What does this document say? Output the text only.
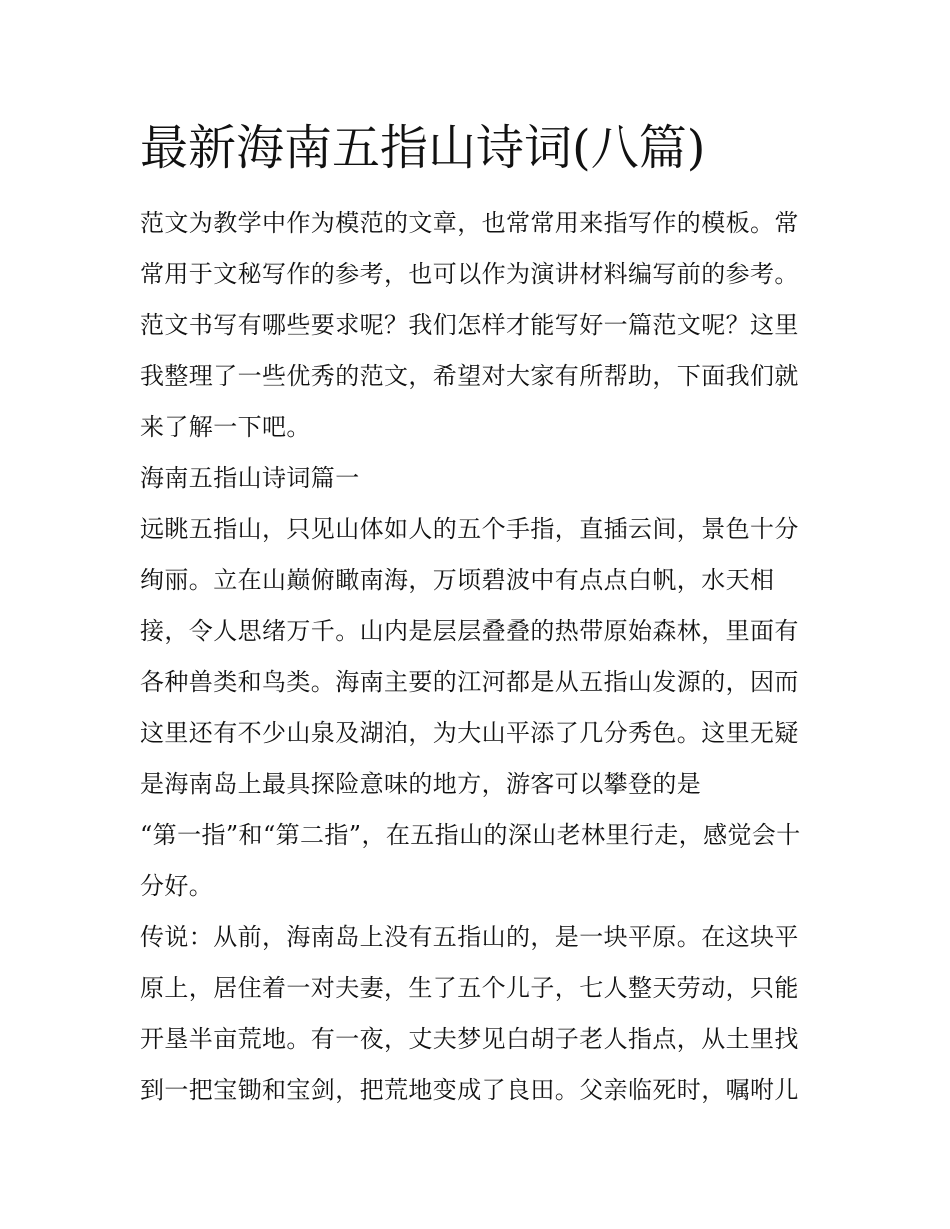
最新海南五指山诗词(八篇)
范文为教学中作为模范的文章，也常常用来指写作的模板。常
常用于文秘写作的参考，也可以作为演讲材料编写前的参考。
范文书写有哪些要求呢？我们怎样才能写好一篇范文呢？这里
我整理了一些优秀的范文，希望对大家有所帮助，下面我们就
来了解一下吧。
海南五指山诗词篇一
远眺五指山，只见山体如人的五个手指，直插云间，景色十分
绚丽。立在山巅俯瞰南海，万顷碧波中有点点白帆，水天相
接，令人思绪万千。山内是层层叠叠的热带原始森林，里面有
各种兽类和鸟类。海南主要的江河都是从五指山发源的，因而
这里还有不少山泉及湖泊，为大山平添了几分秀色。这里无疑
是海南岛上最具探险意味的地方，游客可以攀登的是
“第一指”和“第二指”，在五指山的深山老林里行走，感觉会十
分好。
传说：从前，海南岛上没有五指山的，是一块平原。在这块平
原上，居住着一对夫妻，生了五个儿子，七人整天劳动，只能
开垦半亩荒地。有一夜，丈夫梦见白胡子老人指点，从土里找
到一把宝锄和宝剑，把荒地变成了良田。父亲临死时，嘱咐儿
